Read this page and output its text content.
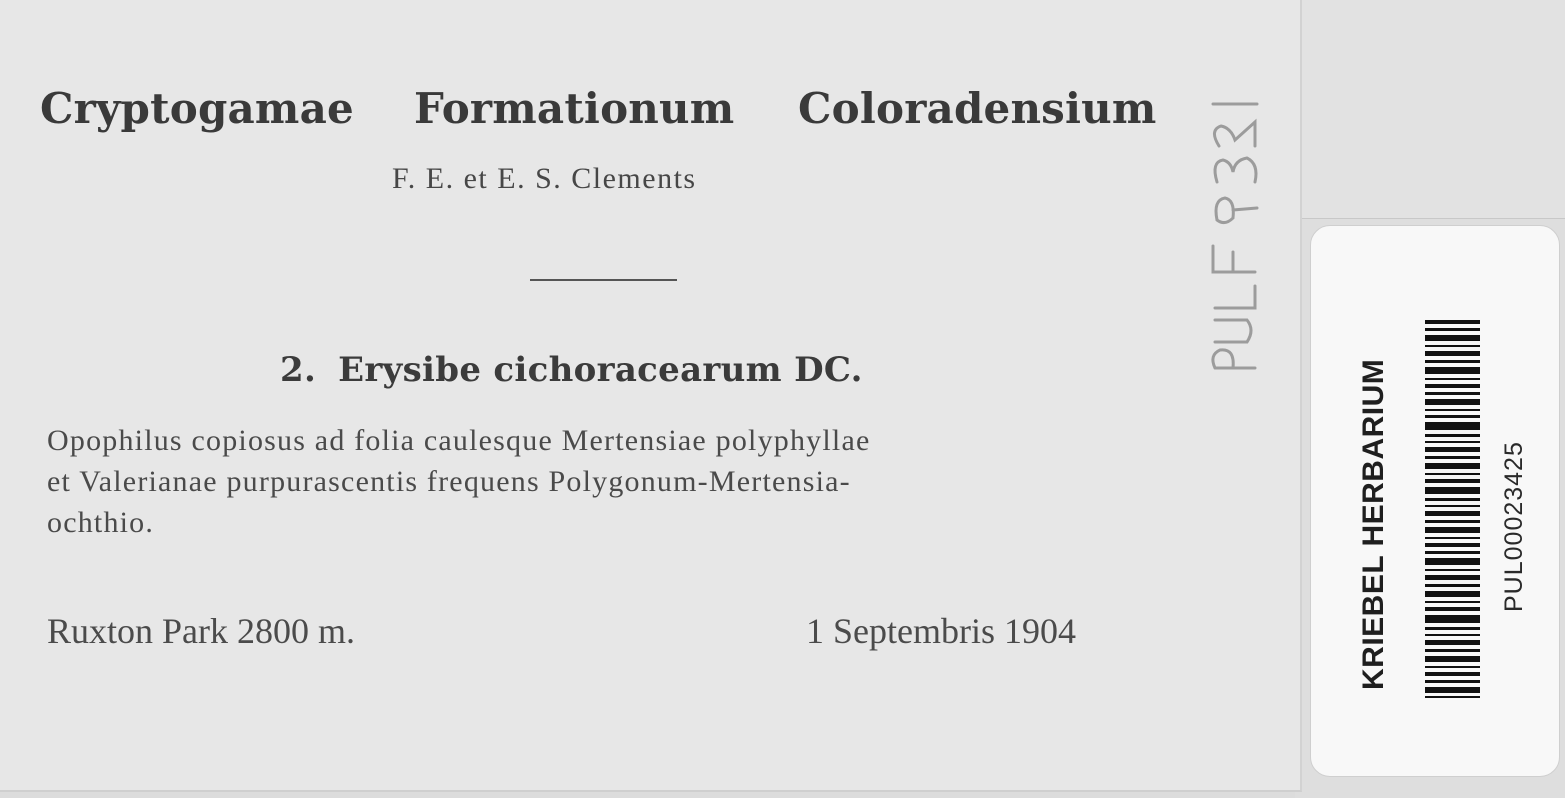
Cryptogamae Formationum Coloradensium
F. E. et E. S. Clements
2. Erysibe cichoracearum DC.
Opophilus copiosus ad folia caulesque Mertensiae polyphyllae
et Valerianae purpurascentis frequens Polygonum-Mertensia-
ochthio.
Ruxton Park 2800 m.	1 Septembris 1904	KRIEBEL HERBARIUM	PUL00023425
